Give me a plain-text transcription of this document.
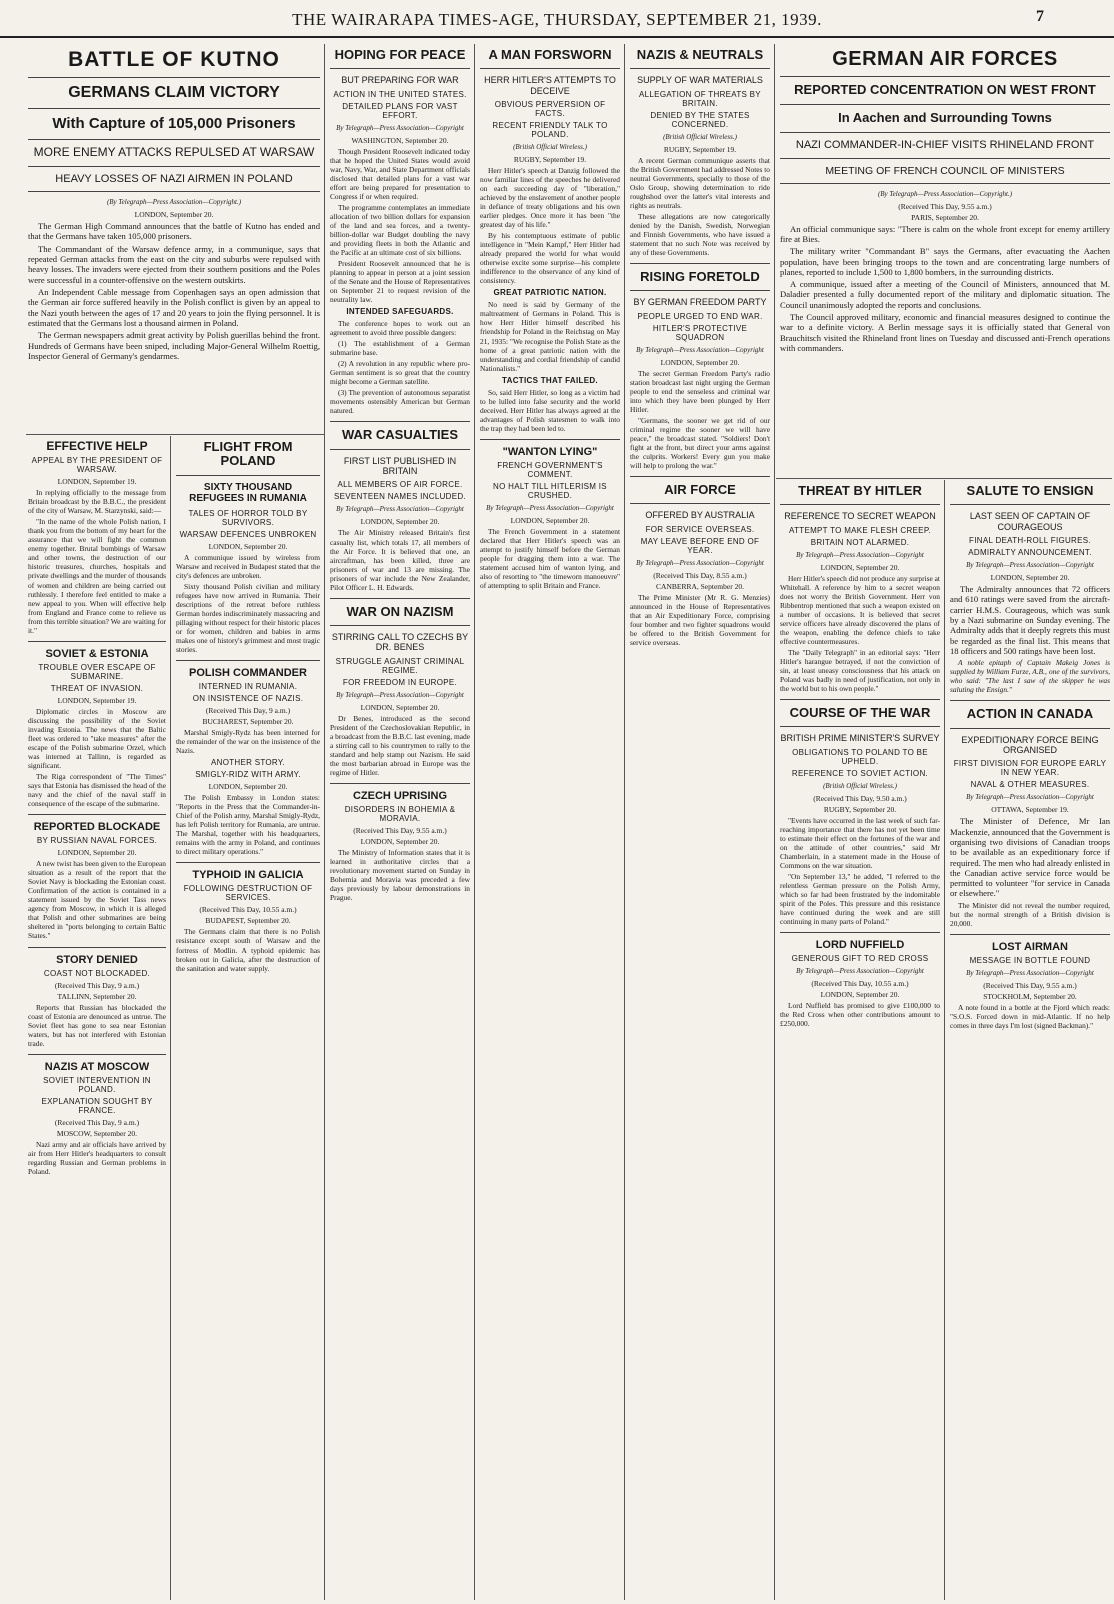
THE WAIRARAPA TIMES-AGE, THURSDAY, SEPTEMBER 21, 1939.	7
BATTLE OF KUTNO
GERMANS CLAIM VICTORY
With Capture of 105,000 Prisoners
MORE ENEMY ATTACKS REPULSED AT WARSAW
HEAVY LOSSES OF NAZI AIRMEN IN POLAND
(By Telegraph—Press Association—Copyright.)
LONDON, September 20.

The German High Command announces that the battle of Kutno has ended and that the Germans have taken 105,000 prisoners.

The Commandant of the Warsaw defence army, in a communique, says that repeated German attacks from the east on the city and suburbs were repulsed with heavy losses. The invaders were ejected from their southern positions and the Poles were successful in a counter-offensive on the western outskirts.

An Independent Cable message from Copenhagen says an open admission that the German air force suffered heavily in the Polish conflict is given by an appeal to the Nazi youth between the ages of 17 and 20 years to join the flying personnel. It is estimated that the Germans lost a thousand airmen in Poland.

The German newspapers admit great activity by Polish guerillas behind the front. Hundreds of Germans have been sniped, including Major-General Wilhelm Roettig, Inspector General of Germany's gendarmes.

EFFECTIVE HELP
APPEAL BY THE PRESIDENT OF WARSAW.
LONDON, September 19.

In replying officially to the message from Britain broadcast by the B.B.C., the president of the city of Warsaw, M. Starzynski, said:—

"In the name of the whole Polish nation, I thank you from the bottom of my heart for the assurance that we will fight the common enemy together. Brutal bombings of Warsaw and other towns, the destruction of our historic treasures, churches, hospitals and private dwellings and the murder of thousands of women and children are being carried out ruthlessly. I therefore feel entitled to make a new appeal to you. When will effective help from England and France come to relieve us from this terrible situation? We are waiting for it."

SOVIET & ESTONIA
TROUBLE OVER ESCAPE OF SUBMARINE.
THREAT OF INVASION.
LONDON, September 19.

Diplomatic circles in Moscow are discussing the possibility of the Soviet invading Estonia. The news that the Baltic fleet was ordered to "take measures" after the escape of the Polish submarine Orzel, which was interned at Tallinn, is regarded as significant.

The Riga correspondent of "The Times" says that Estonia has dismissed the head of the navy and the chief of the naval staff in consequence of the escape of the submarine.

REPORTED BLOCKADE
BY RUSSIAN NAVAL FORCES.
LONDON, September 20.

A new twist has been given to the European situation as a result of the report that the Soviet Navy is blockading the Estonian coast. Confirmation of the action is contained in a statement issued by the Soviet Tass news agency from Moscow, in which it is alleged that Polish and other submarines are being sheltered in "ports belonging to certain Baltic States."

STORY DENIED
COAST NOT BLOCKADED.
(Received This Day, 9 a.m.)
TALLINN, September 20.

Reports that Russian has blockaded the coast of Estonia are denounced as untrue. The Soviet fleet has gone to sea near Estonian waters, but has not interfered with Estonian trade.

NAZIS AT MOSCOW
SOVIET INTERVENTION IN POLAND.
EXPLANATION SOUGHT BY FRANCE.
(Received This Day, 9 a.m.)
MOSCOW, September 20.

Nazi army and air officials have arrived by air from Herr Hitler's headquarters to consult regarding Russian and German problems in Poland.

FLIGHT FROM POLAND
SIXTY THOUSAND REFUGEES IN RUMANIA
TALES OF HORROR TOLD BY SURVIVORS.
WARSAW DEFENCES UNBROKEN
LONDON, September 20.

A communique issued by wireless from Warsaw and received in Budapest stated that the city's defences are unbroken.

Sixty thousand Polish civilian and military refugees have now arrived in Rumania. Their descriptions of the retreat before ruthless German hordes indiscriminately massacring and pillaging without respect for their historic places or for women, children and babies in arms makes one of history's grimmest and most tragic stories.

POLISH COMMANDER
INTERNED IN RUMANIA.
ON INSISTENCE OF NAZIS.
(Received This Day, 9 a.m.)
BUCHAREST, September 20.

Marshal Smigly-Rydz has been interned for the remainder of the war on the insistence of the Nazis.

ANOTHER STORY.
SMIGLY-RIDZ WITH ARMY.
LONDON, September 20.

The Polish Embassy in London states: "Reports in the Press that the Commander-in-Chief of the Polish army, Marshal Smigly-Rydz, has left Polish territory for Rumania, are untrue. The Marshal, together with his headquarters, remains with the army in Poland, and continues to direct military operations."

TYPHOID IN GALICIA
FOLLOWING DESTRUCTION OF SERVICES.
(Received This Day, 10.55 a.m.)
BUDAPEST, September 20.

The Germans claim that there is no Polish resistance except south of Warsaw and the fortress of Modlin. A typhoid epidemic has broken out in Galicia, after the destruction of the sanitation and water supply.

HOPING FOR PEACE
BUT PREPARING FOR WAR
ACTION IN THE UNITED STATES.
DETAILED PLANS FOR VAST EFFORT.
By Telegraph—Press Association—Copyright
WASHINGTON, September 20.

Though President Roosevelt indicated today that he hoped the United States would avoid war, Navy, War, and State Department officials disclosed that detailed plans for a vast war effort are being prepared for presentation to Congress if or when required.

The programme contemplates an immediate allocation of two billion dollars for expansion of the land and sea forces, and a twenty-billion-dollar war Budget doubling the navy and providing fleets in both the Atlantic and the Pacific at an ultimate cost of six billions.

President Roosevelt announced that he is planning to appear in person at a joint session of the Senate and the House of Representatives on September 21 to request revision of the neutrality law.

INTENDED SAFEGUARDS.

The conference hopes to work out an agreement to avoid three possible dangers:

(1) The establishment of a German submarine base.

(2) A revolution in any republic where pro-German sentiment is so great that the country might become a German satellite.

(3) The prevention of autonomous separatist movements ostensibly American but German natured.

WAR CASUALTIES
FIRST LIST PUBLISHED IN BRITAIN
ALL MEMBERS OF AIR FORCE.
SEVENTEEN NAMES INCLUDED.
By Telegraph—Press Association—Copyright
LONDON, September 20.

The Air Ministry released Britain's first casualty list, which totals 17, all members of the Air Force. It is believed that one, an aircraftman, has been killed, three are prisoners of war and 13 are missing. The prisoners of war include the New Zealander, Pilot Officer L. H. Edwards.

WAR ON NAZISM
STIRRING CALL TO CZECHS BY DR. BENES
STRUGGLE AGAINST CRIMINAL REGIME.
FOR FREEDOM IN EUROPE.
By Telegraph—Press Association—Copyright
LONDON, September 20.

Dr Benes, introduced as the second President of the Czechoslovakian Republic, in a broadcast from the B.B.C. last evening, made a stirring call to his countrymen to rally to the standard and help stamp out Nazism. He said the most barbarian abroad in Europe was the regime of Hitler.

CZECH UPRISING
DISORDERS IN BOHEMIA & MORAVIA.
(Received This Day, 9.55 a.m.)
LONDON, September 20.

The Ministry of Information states that it is learned in authoritative circles that a revolutionary movement started on Sunday in Bohemia and Moravia was preceded a few days previously by labour demonstrations in Prague.

A MAN FORSWORN
HERR HITLER'S ATTEMPTS TO DECEIVE
OBVIOUS PERVERSION OF FACTS.
RECENT FRIENDLY TALK TO POLAND.
(British Official Wireless.)
RUGBY, September 19.

Herr Hitler's speech at Danzig followed the now familiar lines of the speeches he delivered on each succeeding day of "liberation," achieved by the enslavement of another people in defiance of treaty obligations and his own earlier pledges. Once more it has been "the greatest day of his life."

By his contemptuous estimate of public intelligence in "Mein Kampf," Herr Hitler had already prepared the world for what would otherwise excite some surprise—his complete indifference to the observance of any kind of consistency.

GREAT PATRIOTIC NATION.

No need is said by Germany of the maltreatment of Germans in Poland. This is how Herr Hitler himself described his friendship for Poland in the Reichstag on May 21, 1935: "We recognise the Polish State as the home of a great patriotic nation with the understanding and cordial friendship of candid Nationalists."

TACTICS THAT FAILED.

So, said Herr Hitler, so long as a victim had to be lulled into false security and the world deceived. Herr Hitler has always agreed at the advantages of Polish statesmen to walk into the trap they had been led to.

"WANTON LYING"
FRENCH GOVERNMENT'S COMMENT.
NO HALT TILL HITLERISM IS CRUSHED.
By Telegraph—Press Association—Copyright
LONDON, September 20.

The French Government in a statement declared that Herr Hitler's speech was an attempt to justify himself before the German people for dragging them into a war. The statement accused him of wanton lying, and also of resorting to "the timeworn manoeuvre" of attempting to split Britain and France.

NAZIS & NEUTRALS
SUPPLY OF WAR MATERIALS
ALLEGATION OF THREATS BY BRITAIN.
DENIED BY THE STATES CONCERNED.
(British Official Wireless.)
RUGBY, September 19.

A recent German communique asserts that the British Government had addressed Notes to neutral Governments, specially to those of the Oslo Group, showing determination to ride roughshod over the latter's vital interests and rights as neutrals.

These allegations are now categorically denied by the Danish, Swedish, Norwegian and Finnish Governments, who have issued a statement that no such Note was received by any of these Governments.

RISING FORETOLD
BY GERMAN FREEDOM PARTY
PEOPLE URGED TO END WAR.
HITLER'S PROTECTIVE SQUADRON
By Telegraph—Press Association—Copyright
LONDON, September 20.

The secret German Freedom Party's radio station broadcast last night urging the German people to end the senseless and criminal war into which they have been plunged by Herr Hitler.

"Germans, the sooner we get rid of our criminal regime the sooner we will have peace," the broadcast stated. "Soldiers! Don't fight at the front, but direct your arms against the culprits. Workers! Every gun you make will help to prolong the war."

AIR FORCE
OFFERED BY AUSTRALIA
FOR SERVICE OVERSEAS.
MAY LEAVE BEFORE END OF YEAR.
By Telegraph—Press Association—Copyright
(Received This Day, 8.55 a.m.)
CANBERRA, September 20.

The Prime Minister (Mr R. G. Menzies) announced in the House of Representatives that an Air Expeditionary Force, comprising four bomber and two fighter squadrons would be offered to the British Government for service overseas.

GERMAN AIR FORCES
REPORTED CONCENTRATION ON WEST FRONT
In Aachen and Surrounding Towns
NAZI COMMANDER-IN-CHIEF VISITS RHINELAND FRONT
MEETING OF FRENCH COUNCIL OF MINISTERS
(By Telegraph—Press Association—Copyright.)
(Received This Day, 9.55 a.m.)
PARIS, September 20.

An official communique says: "There is calm on the whole front except for enemy artillery fire at Bies.

The military writer "Commandant B" says the Germans, after evacuating the Aachen population, have been bringing troops to the town and are concentrating large numbers of planes, reported to include 1,500 to 1,800 bombers, in the surrounding districts.

A communique, issued after a meeting of the Council of Ministers, announced that M. Daladier presented a fully documented report of the military and diplomatic situation. The Council unanimously adopted the reports and conclusions.

The Council approved military, economic and financial measures designed to continue the war to a definite victory. A Berlin message says it is officially stated that General von Brauchitsch visited the Rhineland front lines on Tuesday and discussed anti-French operations with commanders.

THREAT BY HITLER
REFERENCE TO SECRET WEAPON
ATTEMPT TO MAKE FLESH CREEP.
BRITAIN NOT ALARMED.
By Telegraph—Press Association—Copyright
LONDON, September 20.

Herr Hitler's speech did not produce any surprise at Whitehall. A reference by him to a secret weapon does not worry the British Government. Herr von Ribbentrop mentioned that such a weapon existed on a number of occasions. It is believed that secret service officers have already discovered the plans of the weapon, enabling the defence chiefs to take effective countermeasures.

The "Daily Telegraph" in an editorial says: "Herr Hitler's harangue betrayed, if not the conviction of sin, at least uneasy consciousness that his attack on Poland was badly in need of justification, not only in the world but to his own people."

COURSE OF THE WAR
BRITISH PRIME MINISTER'S SURVEY
OBLIGATIONS TO POLAND TO BE UPHELD.
REFERENCE TO SOVIET ACTION.
(British Official Wireless.)
(Received This Day, 9.50 a.m.)
RUGBY, September 20.

"Events have occurred in the last week of such far-reaching importance that there has not yet been time to estimate their effect on the fortunes of the war and on the attitude of other countries," said Mr Chamberlain, in a statement made in the House of Commons on the war situation.

"On September 13," he added, "I referred to the relentless German pressure on the Polish Army, which so far had been frustrated by the indomitable spirit of the Poles. This pressure and this resistance have continued during the week and are still continuing in many parts of Poland."

LORD NUFFIELD
GENEROUS GIFT TO RED CROSS
By Telegraph—Press Association—Copyright
(Received This Day, 10.55 a.m.)
LONDON, September 20.

Lord Nuffield has promised to give £100,000 to the Red Cross when other contributions amount to £250,000.

SALUTE TO ENSIGN
LAST SEEN OF CAPTAIN OF COURAGEOUS
FINAL DEATH-ROLL FIGURES.
ADMIRALTY ANNOUNCEMENT.
By Telegraph—Press Association—Copyright
LONDON, September 20.

The Admiralty announces that 72 officers and 610 ratings were saved from the aircraft-carrier H.M.S. Courageous, which was sunk by a Nazi submarine on Sunday evening. The Admiralty adds that it deeply regrets this must be regarded as the final list. This means that 18 officers and 500 ratings have been lost.

A noble epitaph of Captain Makeig Jones is supplied by William Furze, A.B., one of the survivors, who said: "The last I saw of the skipper he was saluting the Ensign."

ACTION IN CANADA
EXPEDITIONARY FORCE BEING ORGANISED
FIRST DIVISION FOR EUROPE EARLY IN NEW YEAR.
NAVAL & OTHER MEASURES.
By Telegraph—Press Association—Copyright
OTTAWA, September 19.

The Minister of Defence, Mr Ian Mackenzie, announced that the Government is organising two divisions of Canadian troops to be available as an expeditionary force if required. The men who had already enlisted in the Canadian active service force would be permitted to volunteer "for service in Canada or elsewhere."

The Minister did not reveal the number required, but the normal strength of a British division is 20,000.

LOST AIRMAN
MESSAGE IN BOTTLE FOUND
By Telegraph—Press Association—Copyright
(Received This Day, 9.55 a.m.)
STOCKHOLM, September 20.

A note found in a bottle at the Fjord which reads: "S.O.S. Forced down in mid-Atlantic. If no help comes in three days I'm lost (signed Backman)."
